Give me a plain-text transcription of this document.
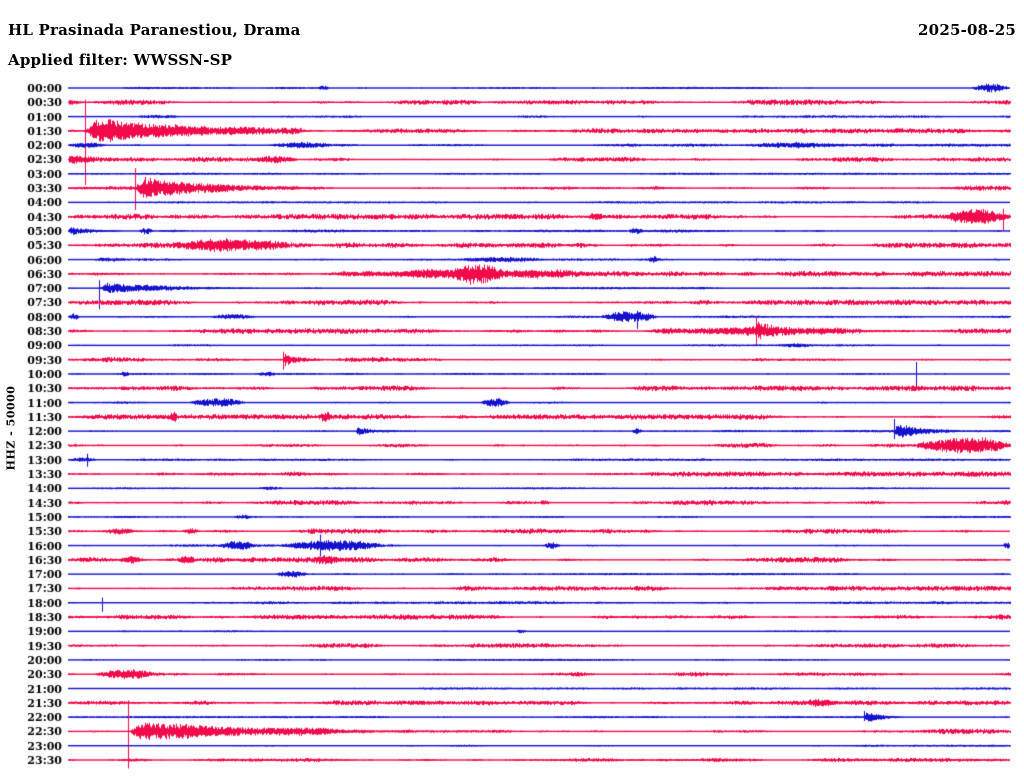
HL Prasinada Paranestiou, Drama	2025-08-25
Applied filter: WWSSN-SP
HHZ - 50000
